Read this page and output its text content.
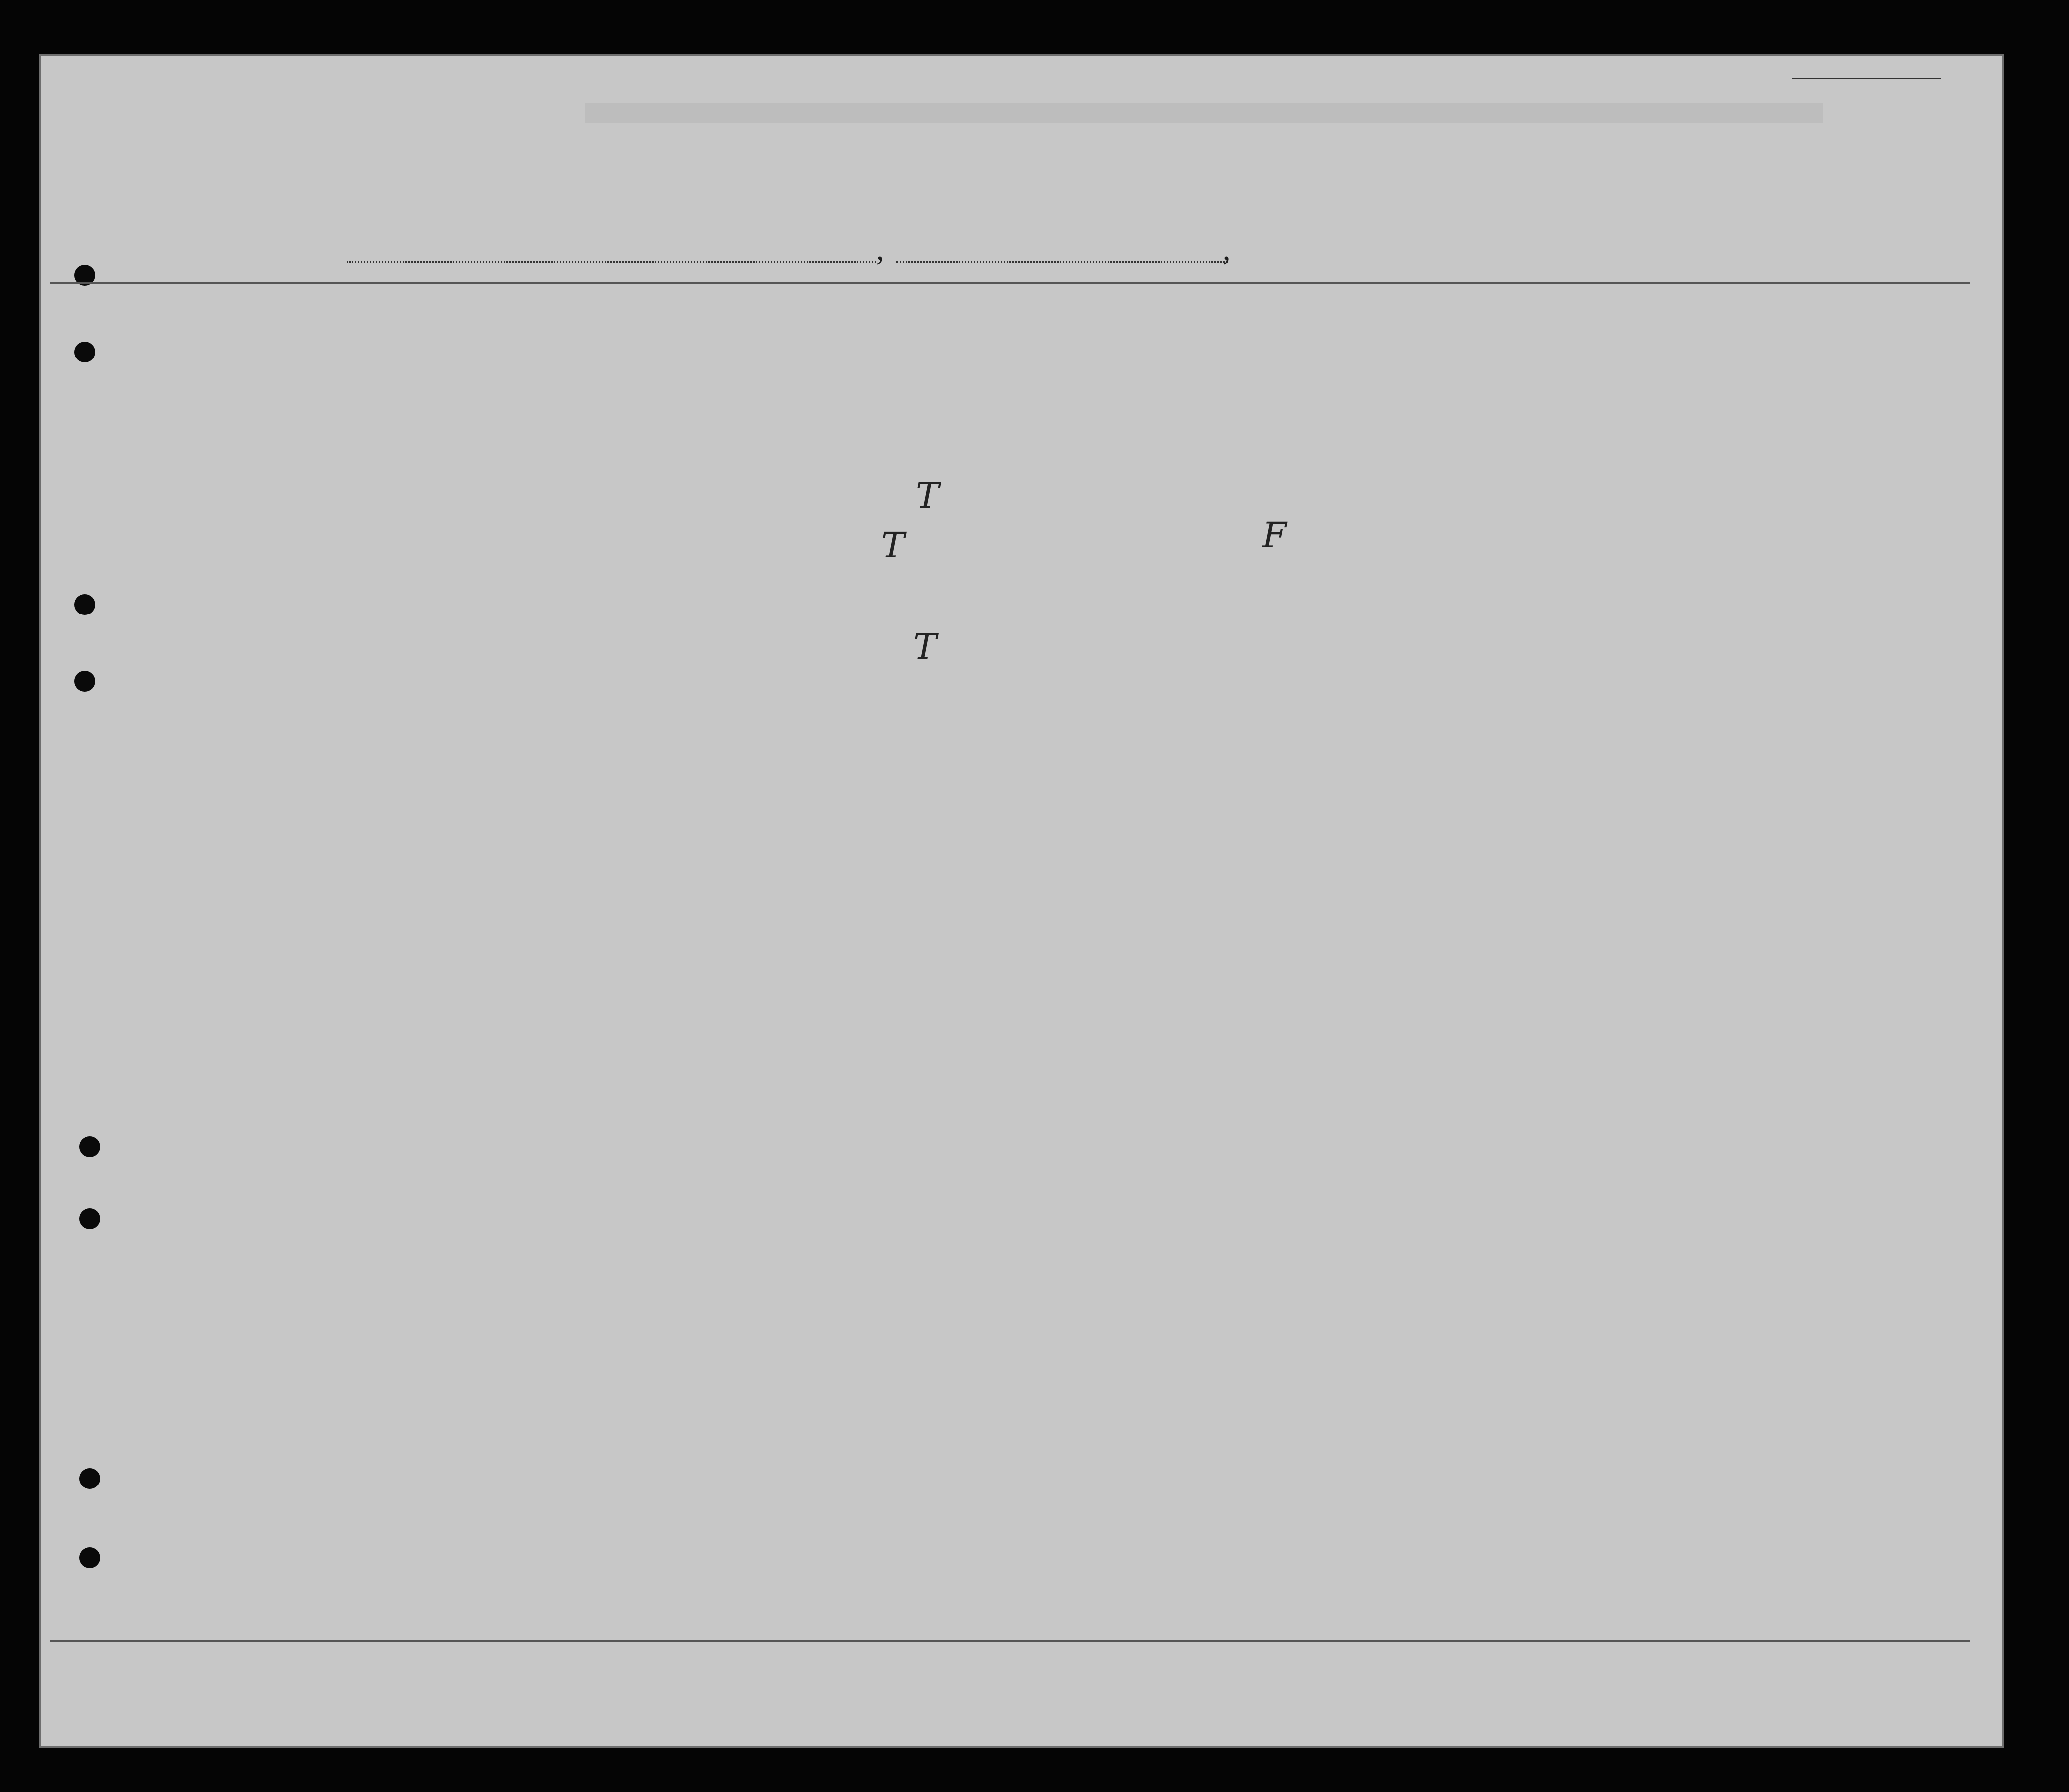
,	,
T
T
T
F
